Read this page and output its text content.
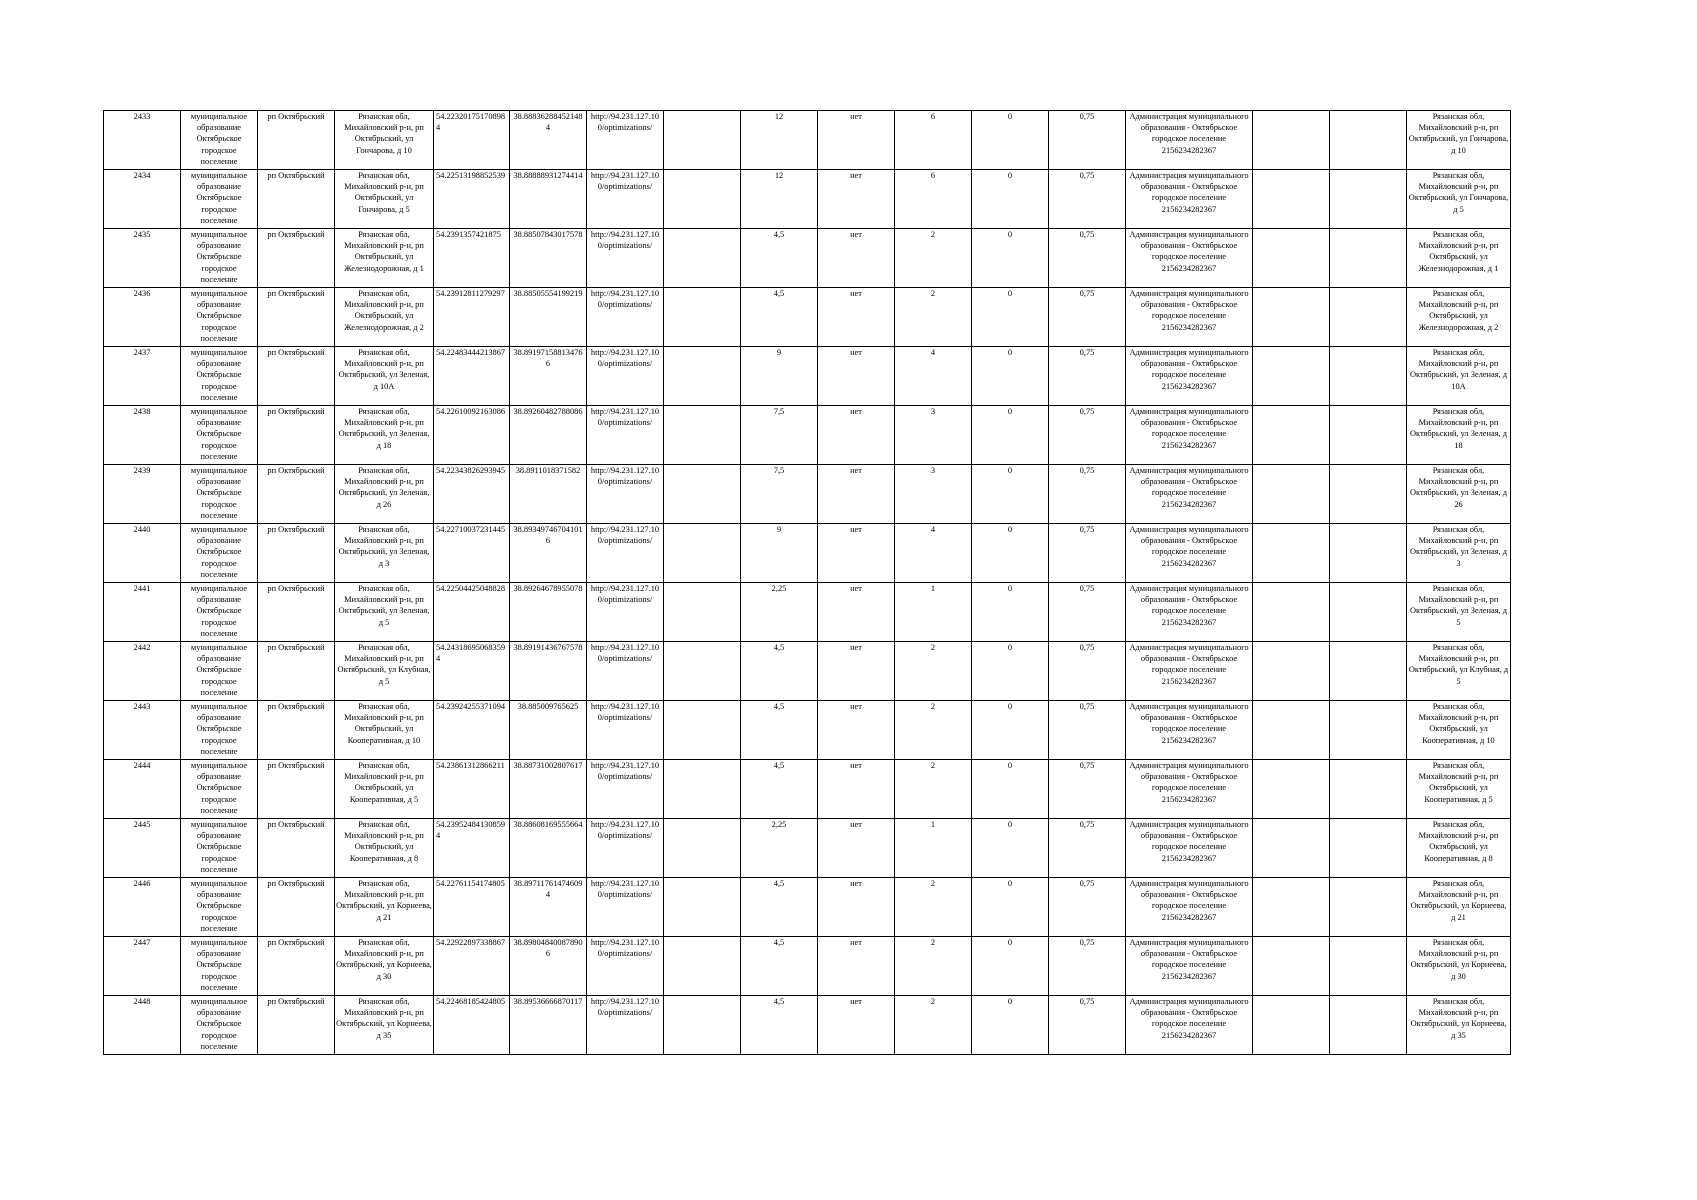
2433	муниципальное образование Октябрьское городское поселение	рп Октябрьский	Рязанская обл, Михайловский р-н, рп Октябрьский, ул Гончарова, д 10	54.22320175170898 4	38.88836288452148 4	http://94.231.127.10 0/optimizations/		12	нет	6	0	0,75	Администрация муниципального образования - Октябрьское городское поселение 2156234282367			Рязанская обл, Михайловский р-н, рп Октябрьский, ул Гончарова, д 10
2434	муниципальное образование Октябрьское городское поселение	рп Октябрьский	Рязанская обл, Михайловский р-н, рп Октябрьский, ул Гончарова, д 5	54.22513198852539	38.88888931274414	http://94.231.127.10 0/optimizations/		12	нет	6	0	0,75	Администрация муниципального образования - Октябрьское городское поселение 2156234282367			Рязанская обл, Михайловский р-н, рп Октябрьский, ул Гончарова, д 5
2435	муниципальное образование Октябрьское городское поселение	рп Октябрьский	Рязанская обл, Михайловский р-н, рп Октябрьский, ул Железнодорожная, д 1	54.2391357421875	38.88507843017578	http://94.231.127.10 0/optimizations/		4,5	нет	2	0	0,75	Администрация муниципального образования - Октябрьское городское поселение 2156234282367			Рязанская обл, Михайловский р-н, рп Октябрьский, ул Железнодорожная, д 1
2436	муниципальное образование Октябрьское городское поселение	рп Октябрьский	Рязанская обл, Михайловский р-н, рп Октябрьский, ул Железнодорожная, д 2	54.23912811279297	38.88505554199219	http://94.231.127.10 0/optimizations/		4,5	нет	2	0	0,75	Администрация муниципального образования - Октябрьское городское поселение 2156234282367			Рязанская обл, Михайловский р-н, рп Октябрьский, ул Железнодорожная, д 2
2437	муниципальное образование Октябрьское городское поселение	рп Октябрьский	Рязанская обл, Михайловский р-н, рп Октябрьский, ул Зеленая, д 10А	54.22483444213867	38.89197158813476 6	http://94.231.127.10 0/optimizations/		9	нет	4	0	0,75	Администрация муниципального образования - Октябрьское городское поселение 2156234282367			Рязанская обл, Михайловский р-н, рп Октябрьский, ул Зеленая, д 10А
2438	муниципальное образование Октябрьское городское поселение	рп Октябрьский	Рязанская обл, Михайловский р-н, рп Октябрьский, ул Зеленая, д 18	54.22610092163086	38.89260482788086	http://94.231.127.10 0/optimizations/		7,5	нет	3	0	0,75	Администрация муниципального образования - Октябрьское городское поселение 2156234282367			Рязанская обл, Михайловский р-н, рп Октябрьский, ул Зеленая, д 18
2439	муниципальное образование Октябрьское городское поселение	рп Октябрьский	Рязанская обл, Михайловский р-н, рп Октябрьский, ул Зеленая, д 26	54.22343826293945	38.8911018371582	http://94.231.127.10 0/optimizations/		7,5	нет	3	0	0,75	Администрация муниципального образования - Октябрьское городское поселение 2156234282367			Рязанская обл, Михайловский р-н, рп Октябрьский, ул Зеленая, д 26
2440	муниципальное образование Октябрьское городское поселение	рп Октябрьский	Рязанская обл, Михайловский р-н, рп Октябрьский, ул Зеленая, д 3	54.22710037231445	38.89349746704101 6	http://94.231.127.10 0/optimizations/		9	нет	4	0	0,75	Администрация муниципального образования - Октябрьское городское поселение 2156234282367			Рязанская обл, Михайловский р-н, рп Октябрьский, ул Зеленая, д 3
2441	муниципальное образование Октябрьское городское поселение	рп Октябрьский	Рязанская обл, Михайловский р-н, рп Октябрьский, ул Зеленая, д 5	54.22504425048828	38.89264678955078	http://94.231.127.10 0/optimizations/		2,25	нет	1	0	0,75	Администрация муниципального образования - Октябрьское городское поселение 2156234282367			Рязанская обл, Михайловский р-н, рп Октябрьский, ул Зеленая, д 5
2442	муниципальное образование Октябрьское городское поселение	рп Октябрьский	Рязанская обл, Михайловский р-н, рп Октябрьский, ул Клубная, д 5	54.24318695068359 4	38.89191436767578	http://94.231.127.10 0/optimizations/		4,5	нет	2	0	0,75	Администрация муниципального образования - Октябрьское городское поселение 2156234282367			Рязанская обл, Михайловский р-н, рп Октябрьский, ул Клубная, д 5
2443	муниципальное образование Октябрьское городское поселение	рп Октябрьский	Рязанская обл, Михайловский р-н, рп Октябрьский, ул Кооперативная, д 10	54.23924255371094	38.885009765625	http://94.231.127.10 0/optimizations/		4,5	нет	2	0	0,75	Администрация муниципального образования - Октябрьское городское поселение 2156234282367			Рязанская обл, Михайловский р-н, рп Октябрьский, ул Кооперативная, д 10
2444	муниципальное образование Октябрьское городское поселение	рп Октябрьский	Рязанская обл, Михайловский р-н, рп Октябрьский, ул Кооперативная, д 5	54.23861312866211	38.88731002807617	http://94.231.127.10 0/optimizations/		4,5	нет	2	0	0,75	Администрация муниципального образования - Октябрьское городское поселение 2156234282367			Рязанская обл, Михайловский р-н, рп Октябрьский, ул Кооперативная, д 5
2445	муниципальное образование Октябрьское городское поселение	рп Октябрьский	Рязанская обл, Михайловский р-н, рп Октябрьский, ул Кооперативная, д 8	54.23952484130859 4	38.88608169555664	http://94.231.127.10 0/optimizations/		2,25	нет	1	0	0,75	Администрация муниципального образования - Октябрьское городское поселение 2156234282367			Рязанская обл, Михайловский р-н, рп Октябрьский, ул Кооперативная, д 8
2446	муниципальное образование Октябрьское городское поселение	рп Октябрьский	Рязанская обл, Михайловский р-н, рп Октябрьский, ул Корнеева, д 21	54.22761154174805	38.89711761474609 4	http://94.231.127.10 0/optimizations/		4,5	нет	2	0	0,75	Администрация муниципального образования - Октябрьское городское поселение 2156234282367			Рязанская обл, Михайловский р-н, рп Октябрьский, ул Корнеева, д 21
2447	муниципальное образование Октябрьское городское поселение	рп Октябрьский	Рязанская обл, Михайловский р-н, рп Октябрьский, ул Корнеева, д 30	54.22922897338867	38.89804840087890 6	http://94.231.127.10 0/optimizations/		4,5	нет	2	0	0,75	Администрация муниципального образования - Октябрьское городское поселение 2156234282367			Рязанская обл, Михайловский р-н, рп Октябрьский, ул Корнеева, д 30
2448	муниципальное образование Октябрьское городское поселение	рп Октябрьский	Рязанская обл, Михайловский р-н, рп Октябрьский, ул Корнеева, д 35	54.22468185424805	38.89536666870117	http://94.231.127.10 0/optimizations/		4,5	нет	2	0	0,75	Администрация муниципального образования - Октябрьское городское поселение 2156234282367			Рязанская обл, Михайловский р-н, рп Октябрьский, ул Корнеева, д 35
